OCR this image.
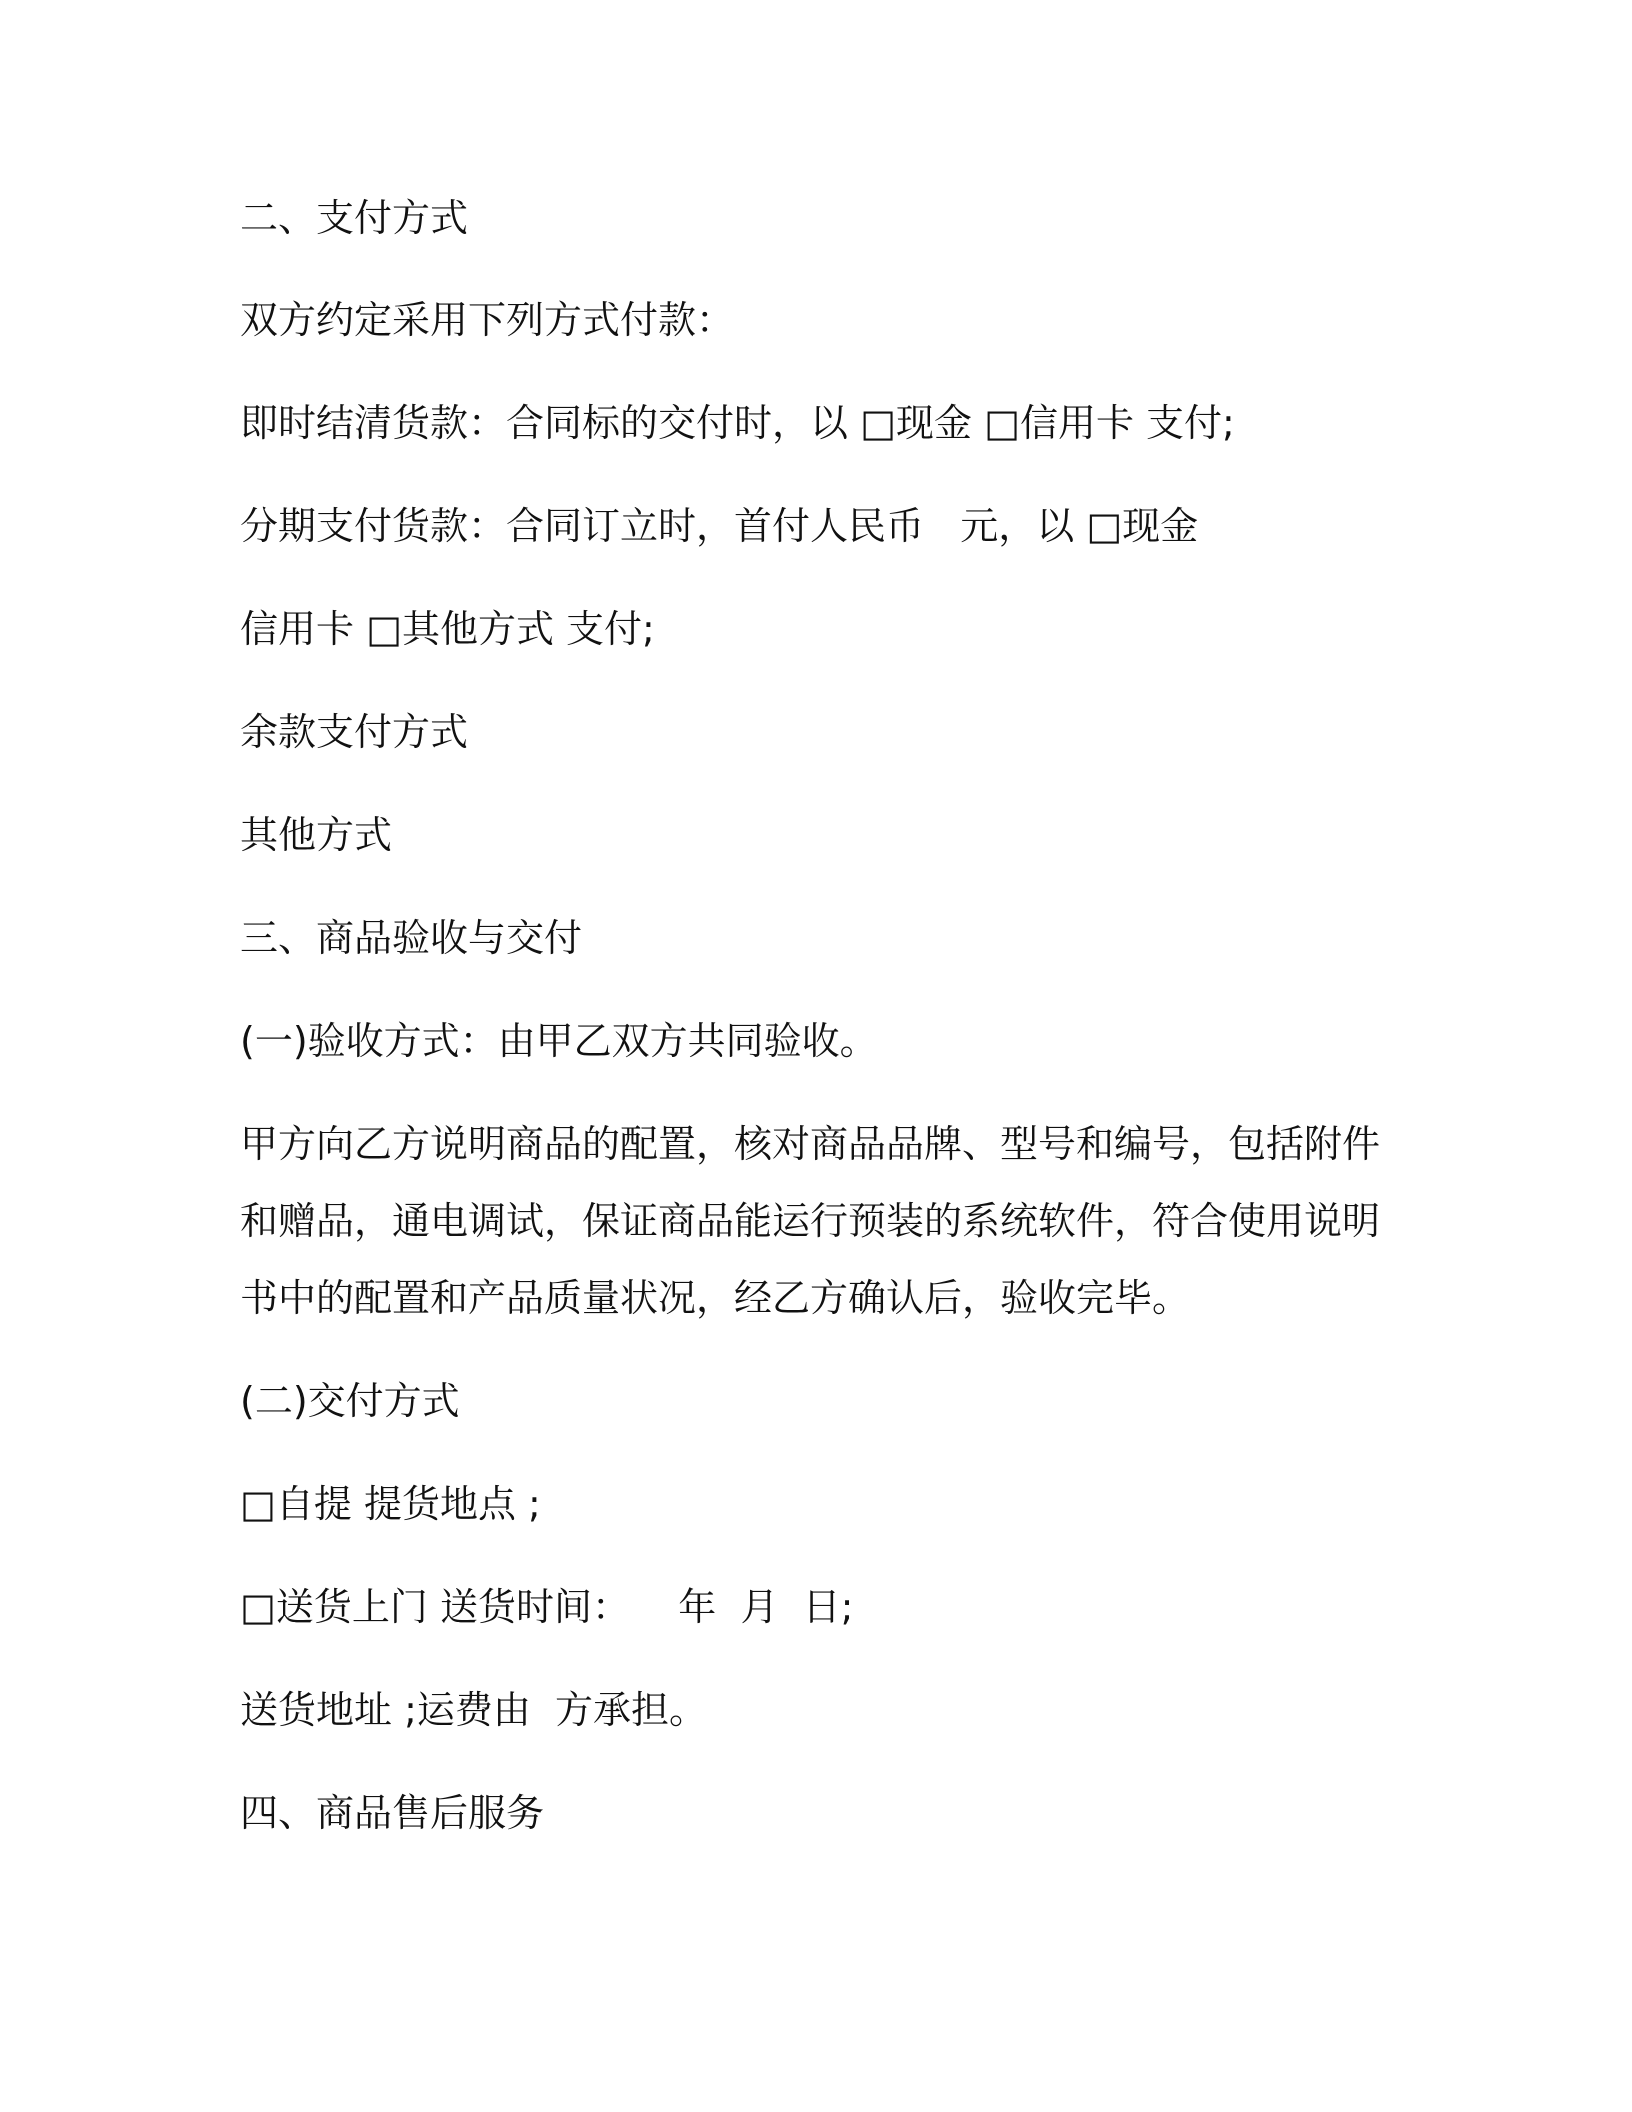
二、支付方式
双方约定采用下列方式付款：
即时结清货款：合同标的交付时，以 □现金 □信用卡 支付;
分期支付货款：合同订立时，首付人民币   元，以 □现金
信用卡 □其他方式 支付;
余款支付方式
其他方式
三、商品验收与交付
(一)验收方式：由甲乙双方共同验收。
甲方向乙方说明商品的配置，核对商品品牌、型号和编号，包括附件
和赠品，通电调试，保证商品能运行预装的系统软件，符合使用说明
书中的配置和产品质量状况，经乙方确认后，验收完毕。
(二)交付方式
□自提 提货地点 ;
□送货上门 送货时间：    年  月  日;
送货地址 ;运费由  方承担。
四、商品售后服务
